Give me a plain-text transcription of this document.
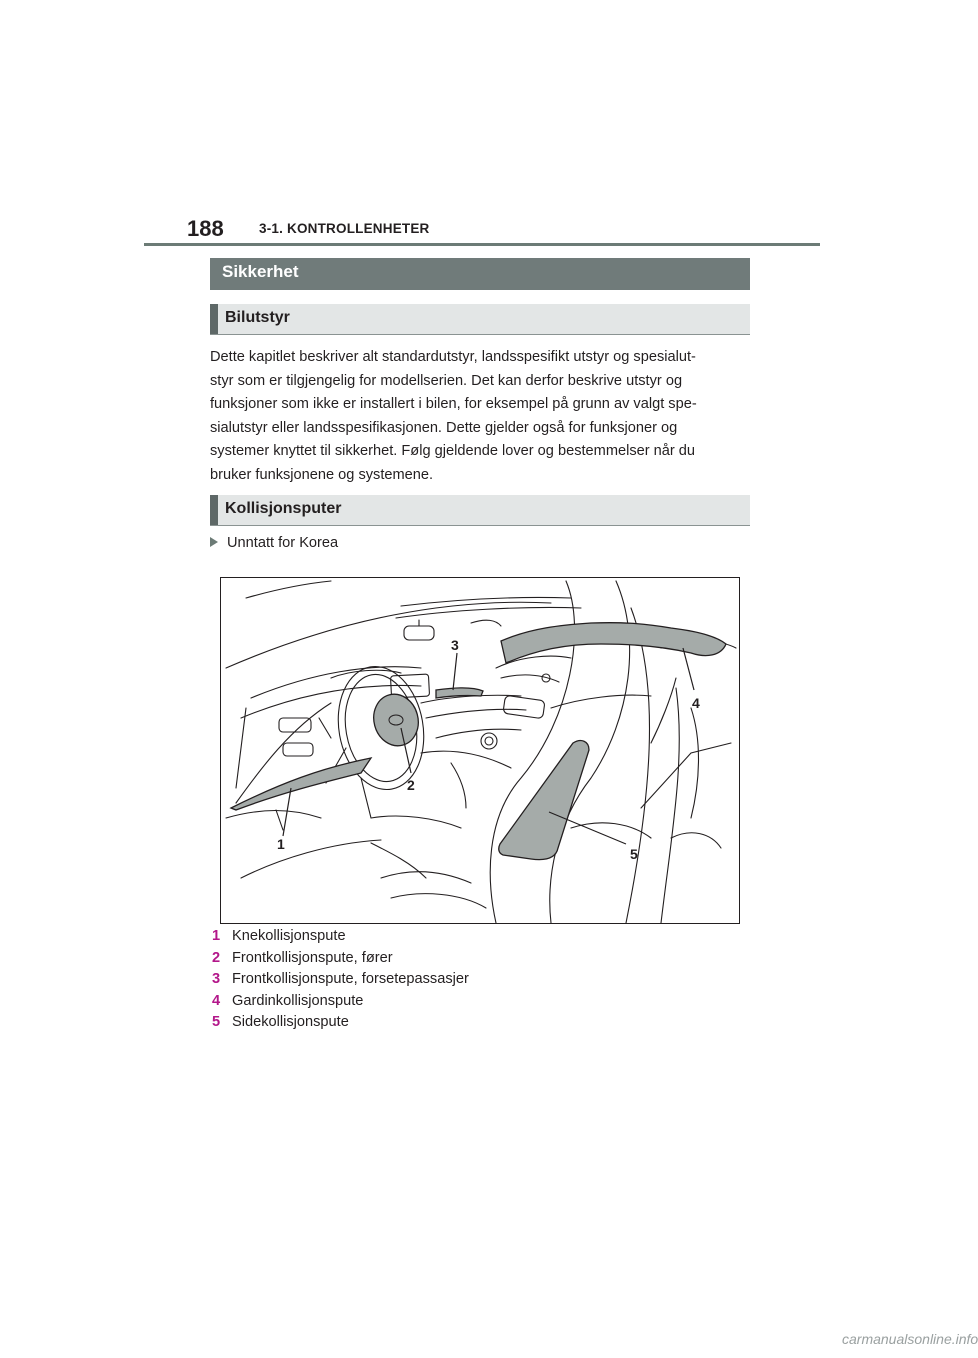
188	3-1. KONTROLLENHETER
Sikkerhet
Bilutstyr
Dette kapitlet beskriver alt standardutstyr, landsspesifikt utstyr og spesialut-
styr som er tilgjengelig for modellserien. Det kan derfor beskrive utstyr og
funksjoner som ikke er installert i bilen, for eksempel på grunn av valgt spe-
sialutstyr eller landsspesifikasjonen. Dette gjelder også for funksjoner og
systemer knyttet til sikkerhet. Følg gjeldende lover og bestemmelser når du
bruker funksjonene og systemene.
Kollisjonsputer
Unntatt for Korea
1
2
3
4
5
1 Knekollisjonspute
2 Frontkollisjonspute, fører
3 Frontkollisjonspute, forsetepassasjer
4 Gardinkollisjonspute
5 Sidekollisjonspute
carmanualsonline.info
